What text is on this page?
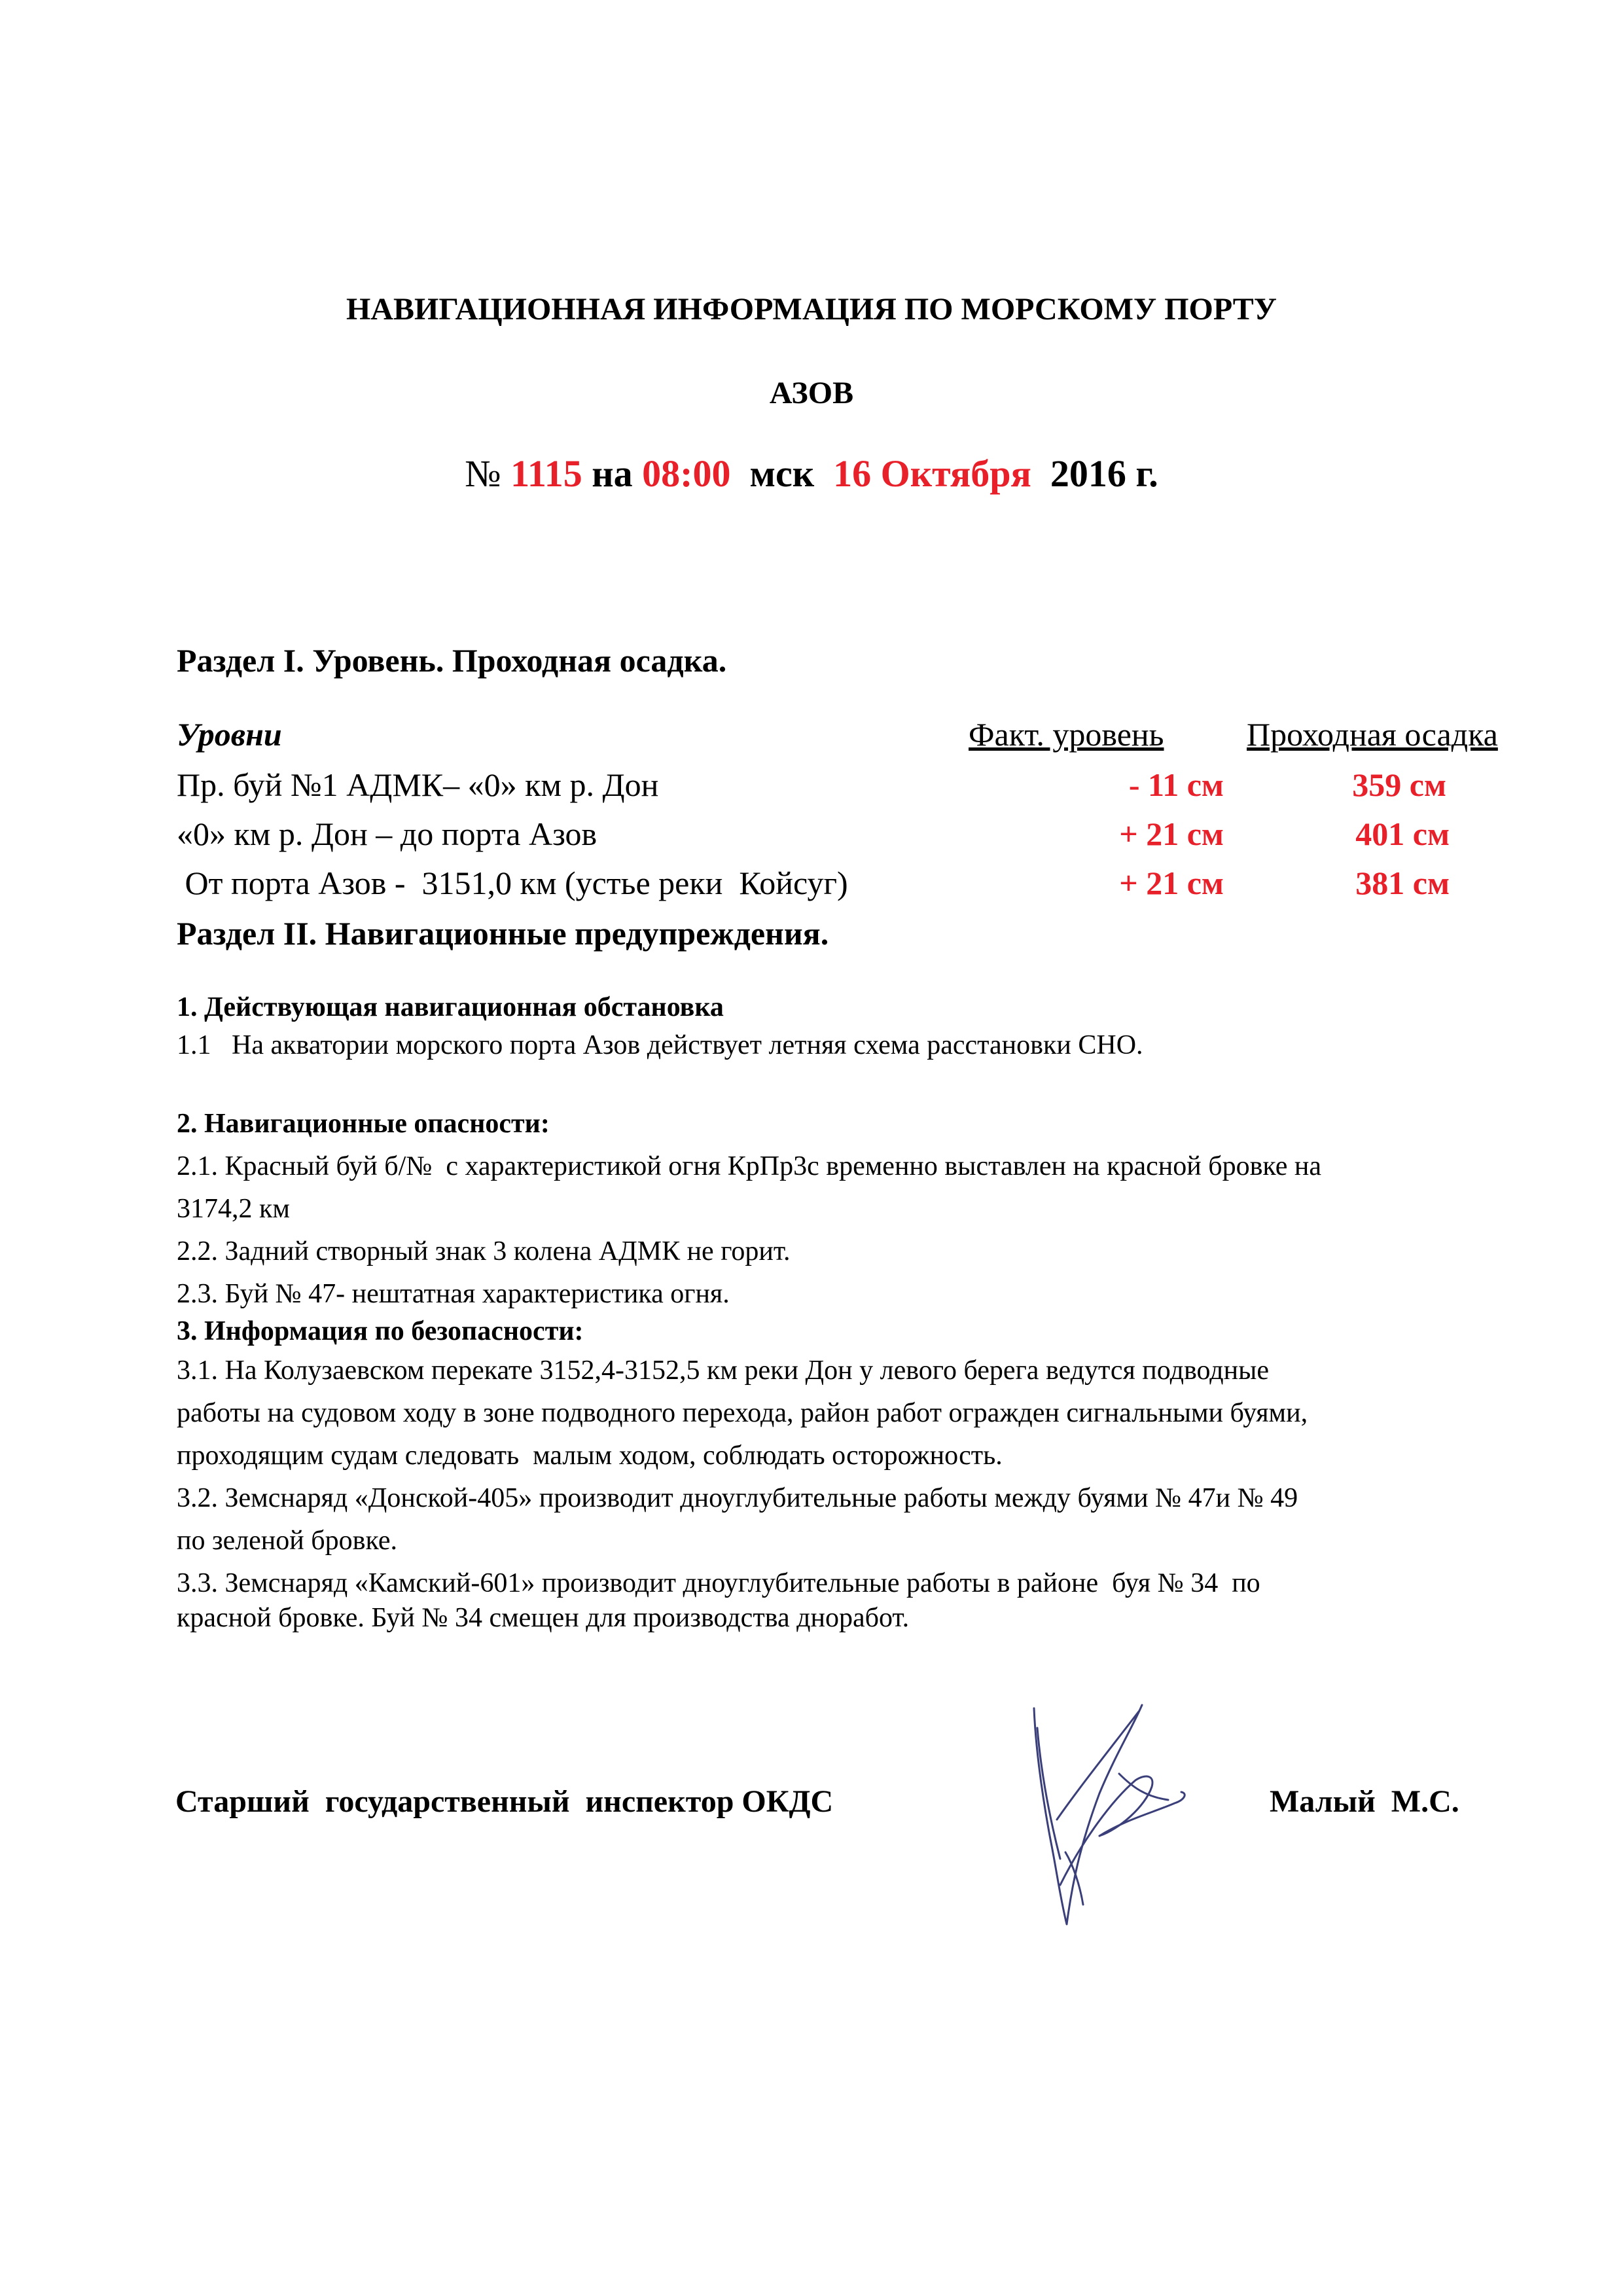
НАВИГАЦИОННАЯ ИНФОРМАЦИЯ ПО МОРСКОМУ ПОРТУ
АЗОВ
№ 1115 на 08:00 мск 16 Октября 2016 г.
Раздел I. Уровень. Проходная осадка.
Уровни	Факт. уровень	Проходная осадка
Пр. буй №1 АДМК– «0» км р. Дон	- 11 см	359 см
«0» км р. Дон – до порта Азов	+ 21 см	401 см
От порта Азов -  3151,0 км (устье реки  Койсуг)	+ 21 см	381 см
Раздел II. Навигационные предупреждения.
1. Действующая навигационная обстановка
1.1   На акватории морского порта Азов действует летняя схема расстановки СНО.
2. Навигационные опасности:
2.1. Красный буй б/№  с характеристикой огня КрПр3с временно выставлен на красной бровке на
3174,2 км
2.2. Задний створный знак 3 колена АДМК не горит.
2.3. Буй № 47- нештатная характеристика огня.
3. Информация по безопасности:
3.1. На Колузаевском перекате 3152,4-3152,5 км реки Дон у левого берега ведутся подводные
работы на судовом ходу в зоне подводного перехода, район работ огражден сигнальными буями,
проходящим судам следовать  малым ходом, соблюдать осторожность.
3.2. Земснаряд «Донской-405» производит дноуглубительные работы между буями № 47и № 49
по зеленой бровке.
3.3. Земснаряд «Камский-601» производит дноуглубительные работы в районе  буя № 34  по
красной бровке. Буй № 34 смещен для производства дноработ.
Старший  государственный  инспектор ОКДС	Малый  М.С.
